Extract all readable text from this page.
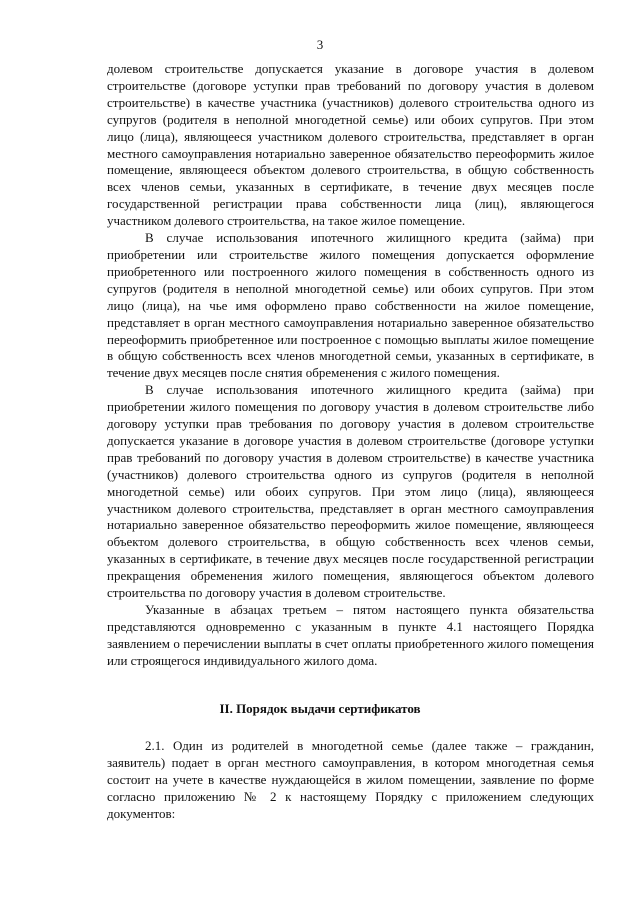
3

долевом строительстве допускается указание в договоре участия в долевом строительстве (договоре уступки прав требований по договору участия в долевом строительстве) в качестве участника (участников) долевого строительства одного из супругов (родителя в неполной многодетной семье) или обоих супругов. При этом лицо (лица), являющееся участником долевого строительства, представляет в орган местного самоуправления нотариально заверенное обязательство переоформить жилое помещение, являющееся объектом долевого строительства, в общую собственность всех членов семьи, указанных в сертификате, в течение двух месяцев после государственной регистрации права собственности лица (лиц), являющегося участником долевого строительства, на такое жилое помещение.

В случае использования ипотечного жилищного кредита (займа) при приобретении или строительстве жилого помещения допускается оформление приобретенного или построенного жилого помещения в собственность одного из супругов (родителя в неполной многодетной семье) или обоих супругов. При этом лицо (лица), на чье имя оформлено право собственности на жилое помещение, представляет в орган местного самоуправления нотариально заверенное обязательство переоформить приобретенное или построенное с помощью выплаты жилое помещение в общую собственность всех членов многодетной семьи, указанных в сертификате, в течение двух месяцев после снятия обременения с жилого помещения.

В случае использования ипотечного жилищного кредита (займа) при приобретении жилого помещения по договору участия в долевом строительстве либо договору уступки прав требования по договору участия в долевом строительстве допускается указание в договоре участия в долевом строительстве (договоре уступки прав требований по договору участия в долевом строительстве) в качестве участника (участников) долевого строительства одного из супругов (родителя в неполной многодетной семье) или обоих супругов. При этом лицо (лица), являющееся участником долевого строительства, представляет в орган местного самоуправления нотариально заверенное обязательство переоформить жилое помещение, являющееся объектом долевого строительства, в общую собственность всех членов семьи, указанных в сертификате, в течение двух месяцев после государственной регистрации прекращения обременения жилого помещения, являющегося объектом долевого строительства по договору участия в долевом строительстве.

Указанные в абзацах третьем – пятом настоящего пункта обязательства представляются одновременно с указанным в пункте 4.1 настоящего Порядка заявлением о перечислении выплаты в счет оплаты приобретенного жилого помещения или строящегося индивидуального жилого дома.

II. Порядок выдачи сертификатов

2.1. Один из родителей в многодетной семье (далее также – гражданин, заявитель) подает в орган местного самоуправления, в котором многодетная семья состоит на учете в качестве нуждающейся в жилом помещении, заявление по форме согласно приложению № 2 к настоящему Порядку с приложением следующих документов:
